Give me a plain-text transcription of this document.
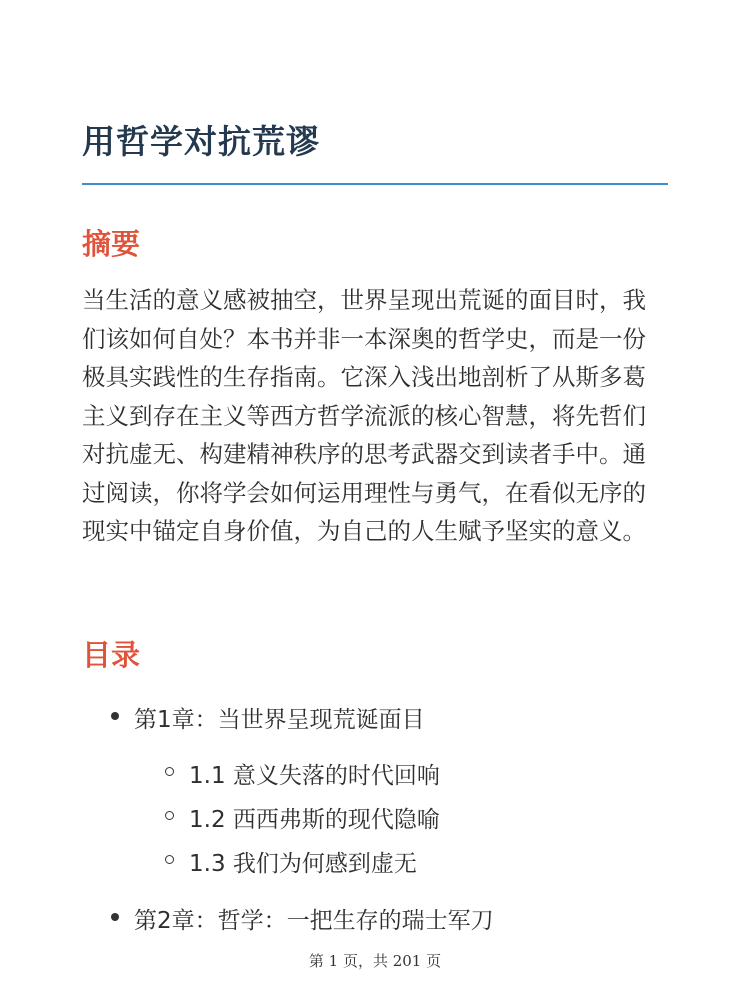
用哲学对抗荒谬
摘要

当生活的意义感被抽空，世界呈现出荒诞的面目时，我们该如何自处？本书并非一本深奥的哲学史，而是一份极具实践性的生存指南。它深入浅出地剖析了从斯多葛主义到存在主义等西方哲学流派的核心智慧，将先哲们对抗虚无、构建精神秩序的思考武器交到读者手中。通过阅读，你将学会如何运用理性与勇气，在看似无序的现实中锚定自身价值，为自己的人生赋予坚实的意义。

目录
第1章：当世界呈现荒诞面目
1.1 意义失落的时代回响
1.2 西西弗斯的现代隐喻
1.3 我们为何感到虚无
第2章：哲学：一把生存的瑞士军刀
第 1 页，共 201 页
